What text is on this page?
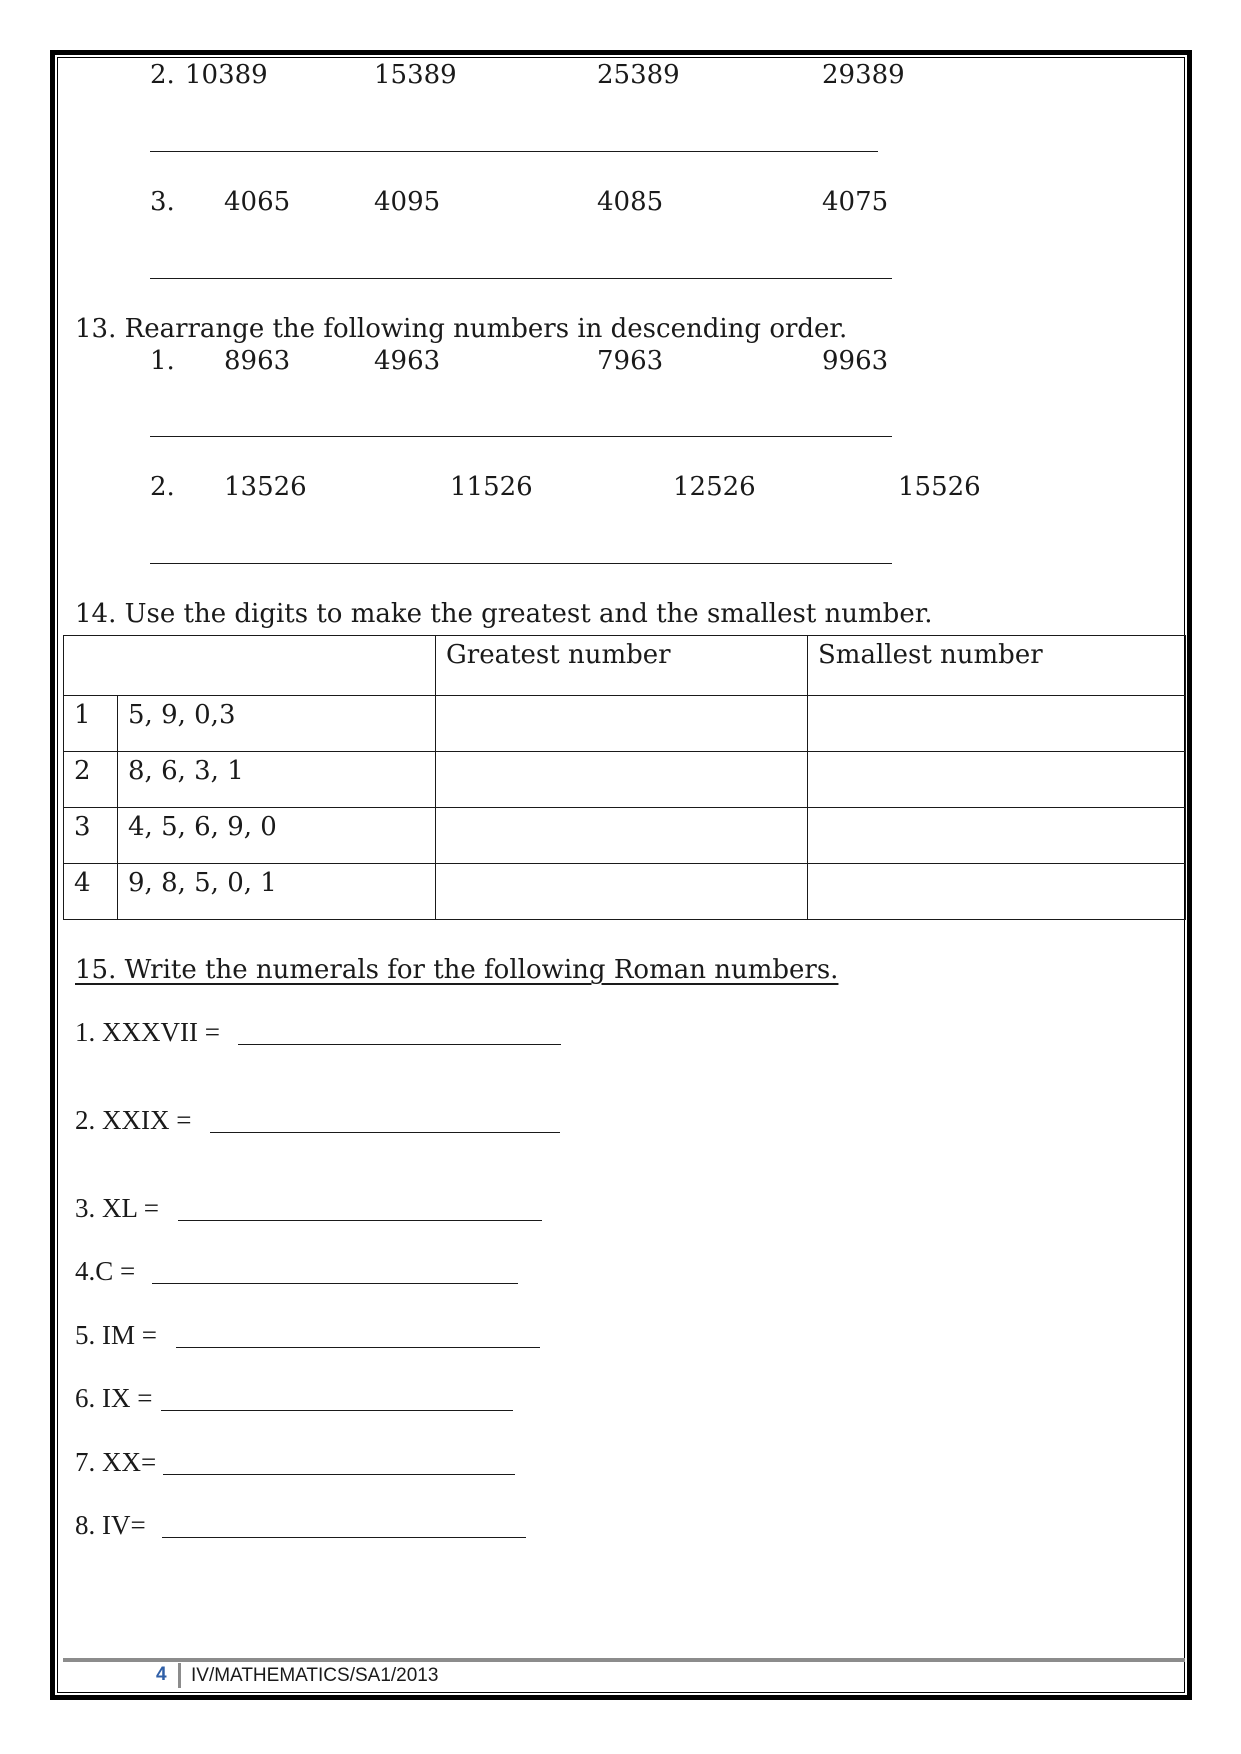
2. 10389	15389	25389	29389
3. 4065	4095	4085	4075
13. Rearrange the following numbers in descending order.
1. 8963	4963	7963	9963
2. 13526	11526	12526	15526
14. Use the digits to make the greatest and the smallest number.
		Greatest number	Smallest number
1	5, 9, 0,3		
2	8, 6, 3, 1		
3	4, 5, 6, 9, 0		
4	9, 8, 5, 0, 1		
15. Write the numerals for the following Roman numbers.
1. XXXVII =
2. XXIX =
3. XL =
4.C =
5. IM =
6. IX =
7. XX=
8. IV=
4 IV/MATHEMATICS/SA1/2013
